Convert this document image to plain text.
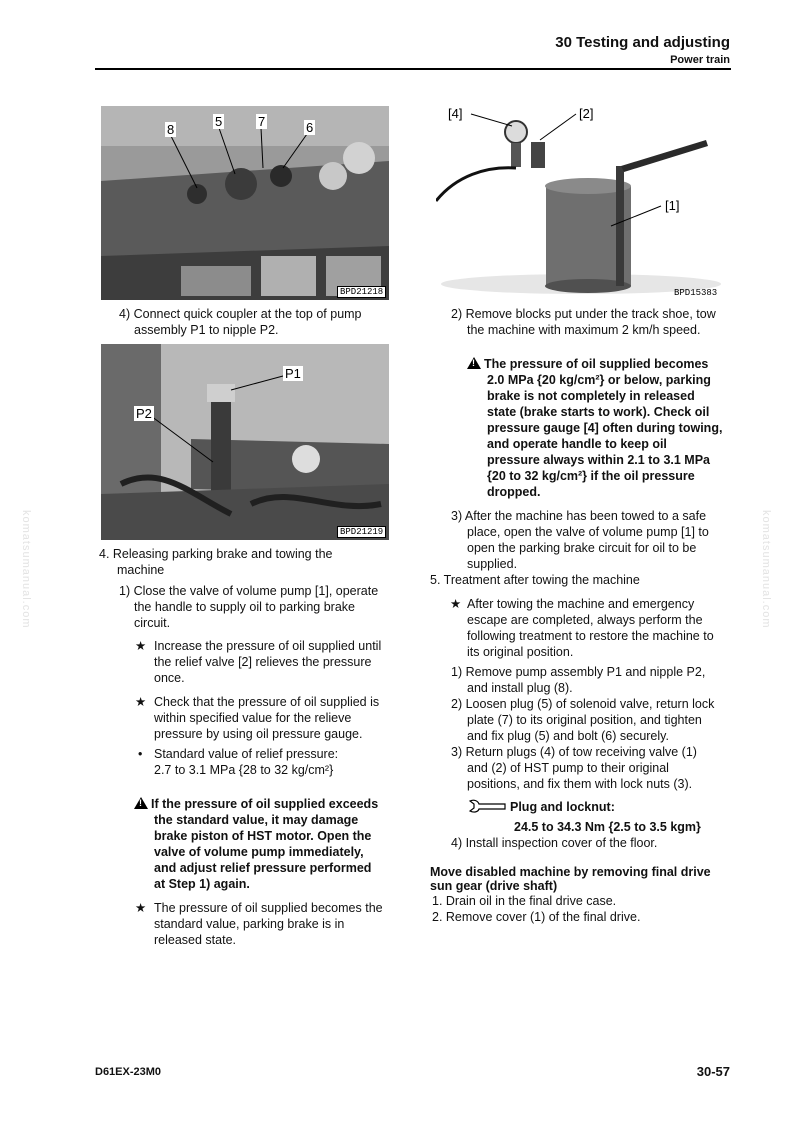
30 Testing and adjusting
Power train
komatsumanual.com	komatsumanual.com
8
5	7	6
BPD21218
P1
P2
BPD21219
[4]	[2]
[1]
BPD15383
4) Connect quick coupler at the top of pump
assembly P1 to nipple P2.
4. Releasing parking brake and towing the
machine
1) Close the valve of volume pump [1], operate
the handle to supply oil to parking brake
circuit.
★ Increase the pressure of oil supplied until
the relief valve [2] relieves the pressure
once.
★ Check that the pressure of oil supplied is
within specified value for the relieve
pressure by using oil pressure gauge.
• Standard value of relief pressure:
2.7 to 3.1 MPa {28 to 32 kg/cm²}
!If the pressure of oil supplied exceeds
the standard value, it may damage
brake piston of HST motor. Open the
valve of volume pump immediately,
and adjust relief pressure performed
at Step 1) again.
★ The pressure of oil supplied becomes the
standard value, parking brake is in
released state.
2) Remove blocks put under the track shoe, tow
the machine with maximum 2 km/h speed.
!The pressure of oil supplied becomes
2.0 MPa {20 kg/cm²} or below, parking
brake is not completely in released
state (brake starts to work). Check oil
pressure gauge [4] often during towing,
and operate handle to keep oil
pressure always within 2.1 to 3.1 MPa
{20 to 32 kg/cm²} if the oil pressure
dropped.
3) After the machine has been towed to a safe
place, open the valve of volume pump [1] to
open the parking brake circuit for oil to be
supplied.
5. Treatment after towing the machine
★ After towing the machine and emergency
escape are completed, always perform the
following treatment to restore the machine to
its original position.
1) Remove pump assembly P1 and nipple P2,
and install plug (8).
2) Loosen plug (5) of solenoid valve, return lock
plate (7) to its original position, and tighten
and fix plug (5) and bolt (6) securely.
3) Return plugs (4) of tow receiving valve (1)
and (2) of HST pump to their original
positions, and fix them with lock nuts (3).
Plug and locknut:
24.5 to 34.3 Nm {2.5 to 3.5 kgm}
4) Install inspection cover of the floor.
Move disabled machine by removing final drive
sun gear (drive shaft)
1. Drain oil in the final drive case.
2. Remove cover (1) of the final drive.
D61EX-23M0	30-57
